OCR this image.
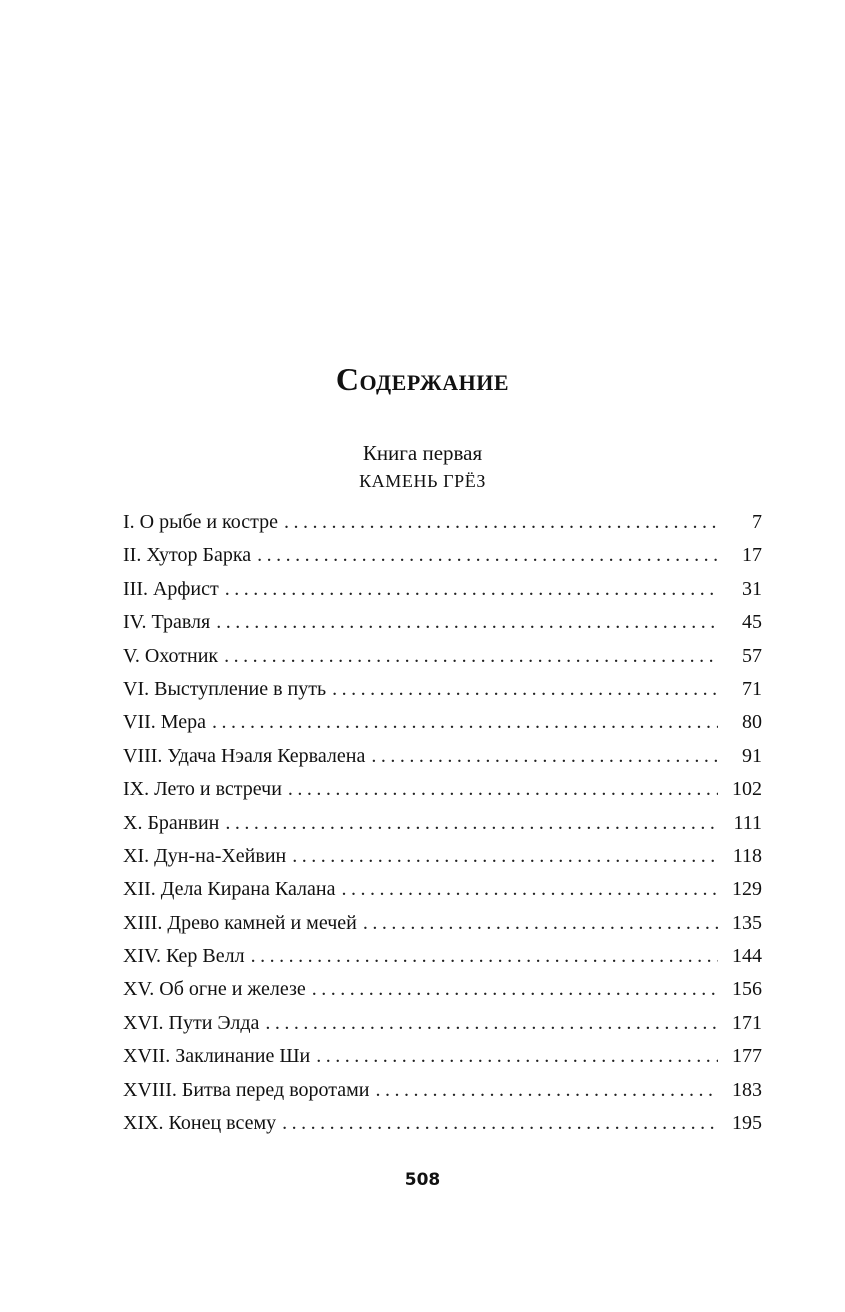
Содержание
Книга первая
КАМЕНЬ ГРЁЗ
I. О рыбе и костре . . .	7
II. Хутор Барка . . .	17
III. Арфист . . .	31
IV. Травля . . .	45
V. Охотник . . .	57
VI. Выступление в путь . . .	71
VII. Мера . . .	80
VIII. Удача Нэаля Кервалена . . .	91
IX. Лето и встречи . . .	102
X. Бранвин . . .	111
XI. Дун-на-Хейвин . . .	118
XII. Дела Кирана Калана . . .	129
XIII. Древо камней и мечей . . .	135
XIV. Кер Велл . . .	144
XV. Об огне и железе . . .	156
XVI. Пути Элда . . .	171
XVII. Заклинание Ши . . .	177
XVIII. Битва перед воротами . . .	183
XIX. Конец всему . . .	195
508
